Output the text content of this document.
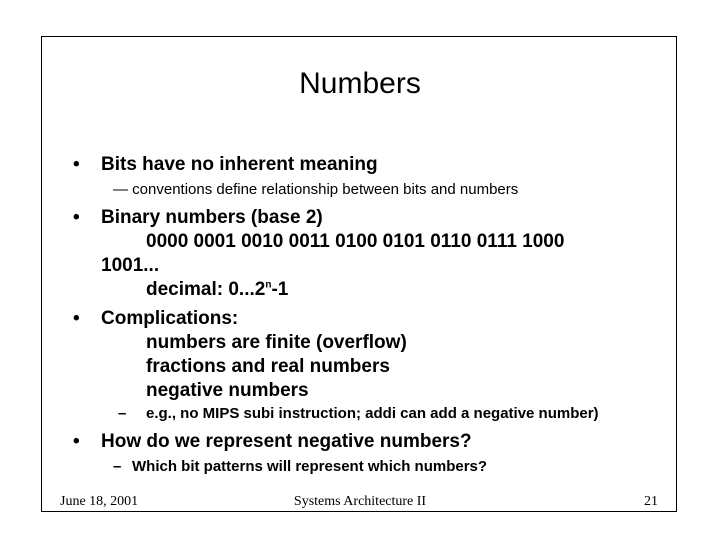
Numbers
• Bits have no inherent meaning
— conventions define relationship between bits and numbers
• Binary numbers (base 2)
0000 0001 0010 0011 0100 0101 0110 0111 1000
1001...
decimal: 0...2$^n$-1
• Complications:
numbers are finite (overflow)
fractions and real numbers
negative numbers
– e.g., no MIPS subi instruction; addi can add a negative number)
• How do we represent negative numbers?
– Which bit patterns will represent which numbers?
June 18, 2001	Systems Architecture II	21
